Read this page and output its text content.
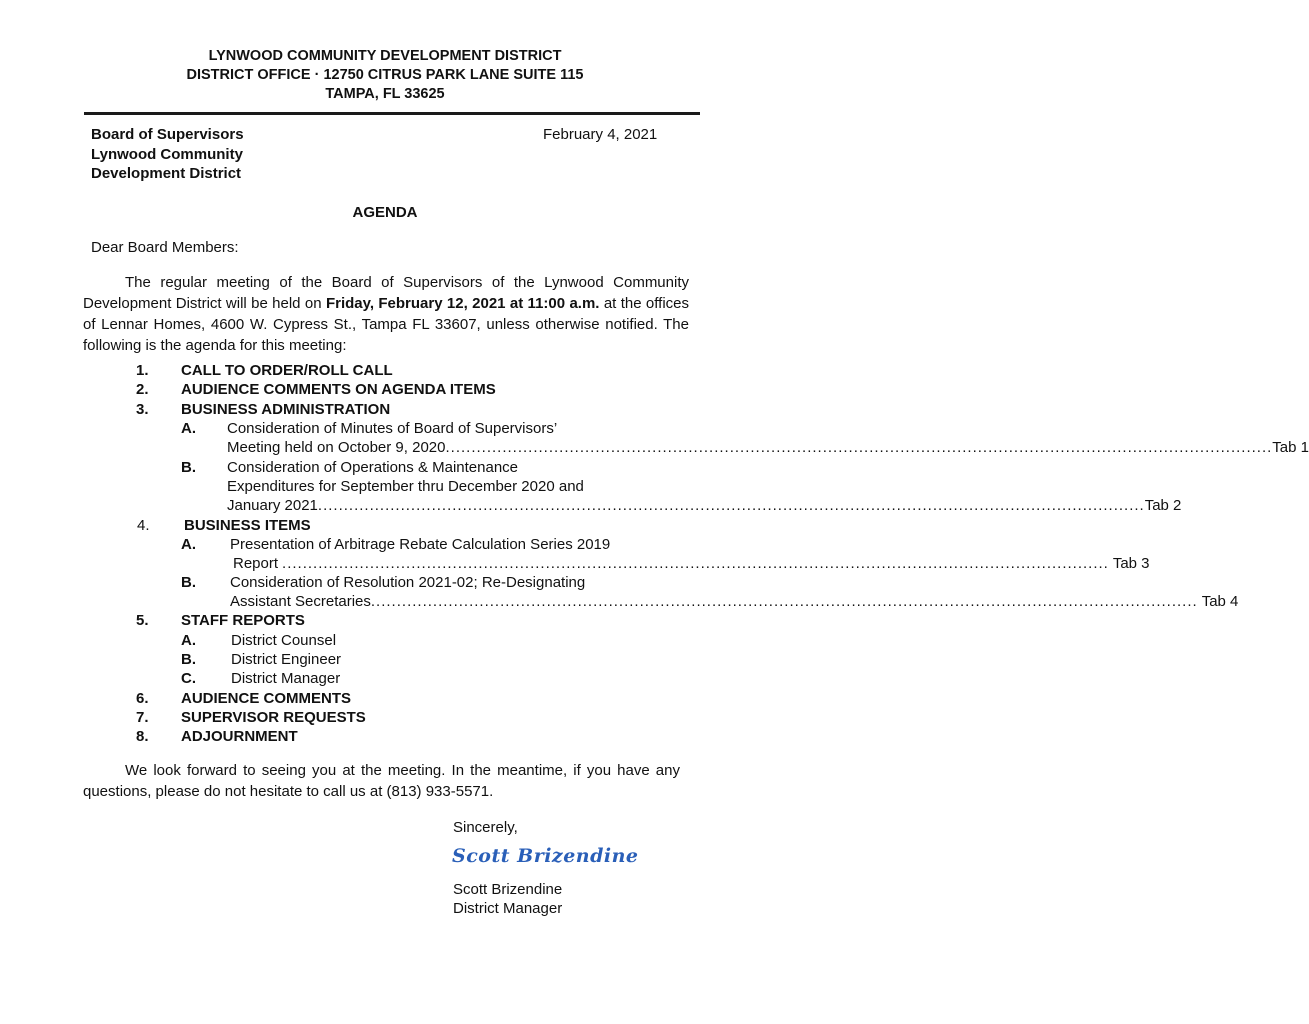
LYNWOOD COMMUNITY DEVELOPMENT DISTRICT
DISTRICT OFFICE · 12750 CITRUS PARK LANE SUITE 115
TAMPA, FL 33625
Board of Supervisors
Lynwood Community
Development District
February 4, 2021
AGENDA
Dear Board Members:

The regular meeting of the Board of Supervisors of the Lynwood Community Development District will be held on Friday, February 12, 2021 at 11:00 a.m. at the offices of Lennar Homes, 4600 W. Cypress St., Tampa FL 33607, unless otherwise notified. The following is the agenda for this meeting:

1. CALL TO ORDER/ROLL CALL
2. AUDIENCE COMMENTS ON AGENDA ITEMS
3. BUSINESS ADMINISTRATION
A. Consideration of Minutes of Board of Supervisors’
Meeting held on October 9, 2020 ................................................................................................................................................................ Tab 1
B. Consideration of Operations & Maintenance
Expenditures for September thru December 2020 and
January 2021 ................................................................................................................................................................ Tab 2
4. BUSINESS ITEMS
A. Presentation of Arbitrage Rebate Calculation Series 2019
Report ................................................................................................................................................................ Tab 3
B. Consideration of Resolution 2021-02; Re-Designating
Assistant Secretaries ................................................................................................................................................................ Tab 4
5. STAFF REPORTS
A. District Counsel
B. District Engineer
C. District Manager
6. AUDIENCE COMMENTS
7. SUPERVISOR REQUESTS
8. ADJOURNMENT

We look forward to seeing you at the meeting. In the meantime, if you have any questions, please do not hesitate to call us at (813) 933-5571.

Sincerely,
Scott Brizendine
Scott Brizendine
District Manager
